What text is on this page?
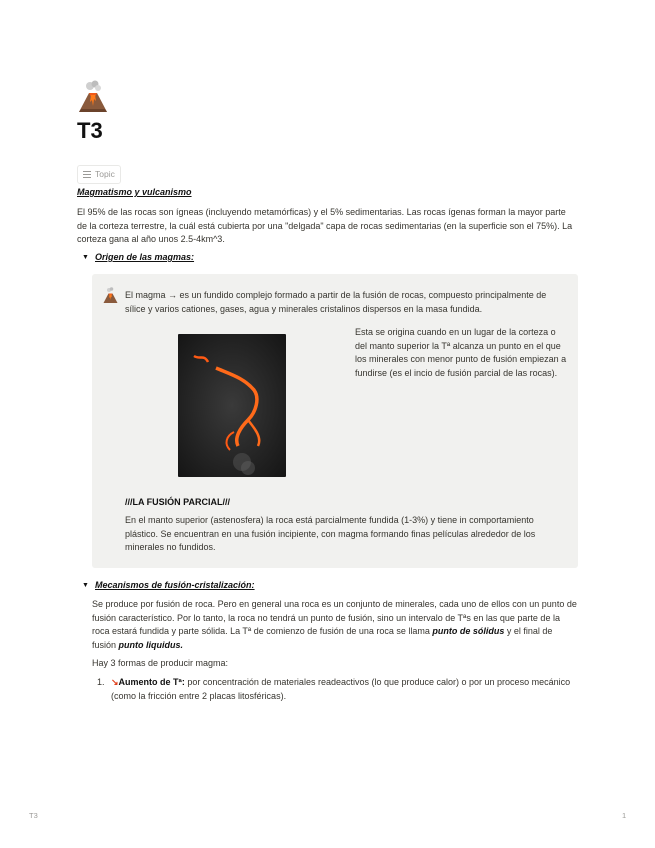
T3
Topic
Magmatismo y vulcanismo

El 95% de las rocas son ígneas (incluyendo metamórficas) y el 5% sedimentarias. Las rocas ígenas forman la mayor parte de la corteza terrestre, la cuál está cubierta por una "delgada" capa de rocas sedimentarias (en la superficie son el 75%). La corteza gana al año unos 2.5-4km^3.

▼ Origen de las magmas:

El magma → es un fundido complejo formado a partir de la fusión de rocas, compuesto principalmente de sílice y varios cationes, gases, agua y minerales cristalinos dispersos en la masa fundida.

Esta se origina cuando en un lugar de la corteza o del manto superior la Tª alcanza un punto en el que los minerales con menor punto de fusión empiezan a fundirse (es el incio de fusión parcial de las rocas).

///LA FUSIÓN PARCIAL///

En el manto superior (astenosfera) la roca está parcialmente fundida (1-3%) y tiene in comportamiento plástico. Se encuentran en una fusión incipiente, con magma formando finas películas alrededor de los minerales no fundidos.

▼ Mecanismos de fusión-cristalización:

Se produce por fusión de roca. Pero en general una roca es un conjunto de minerales, cada uno de ellos con un punto de fusión característico. Por lo tanto, la roca no tendrá un punto de fusión, sino un intervalo de Tªs en las que parte de la roca estará fundida y parte sólida. La Tª de comienzo de fusión de una roca se llama punto de sólidus y el final de fusión punto liquidus.

Hay 3 formas de producir magma:

1. ↘Aumento de Tª: por concentración de materiales readeactivos (lo que produce calor) o por un proceso mecánico (como la fricción entre 2 placas litosféricas).

T3	1
